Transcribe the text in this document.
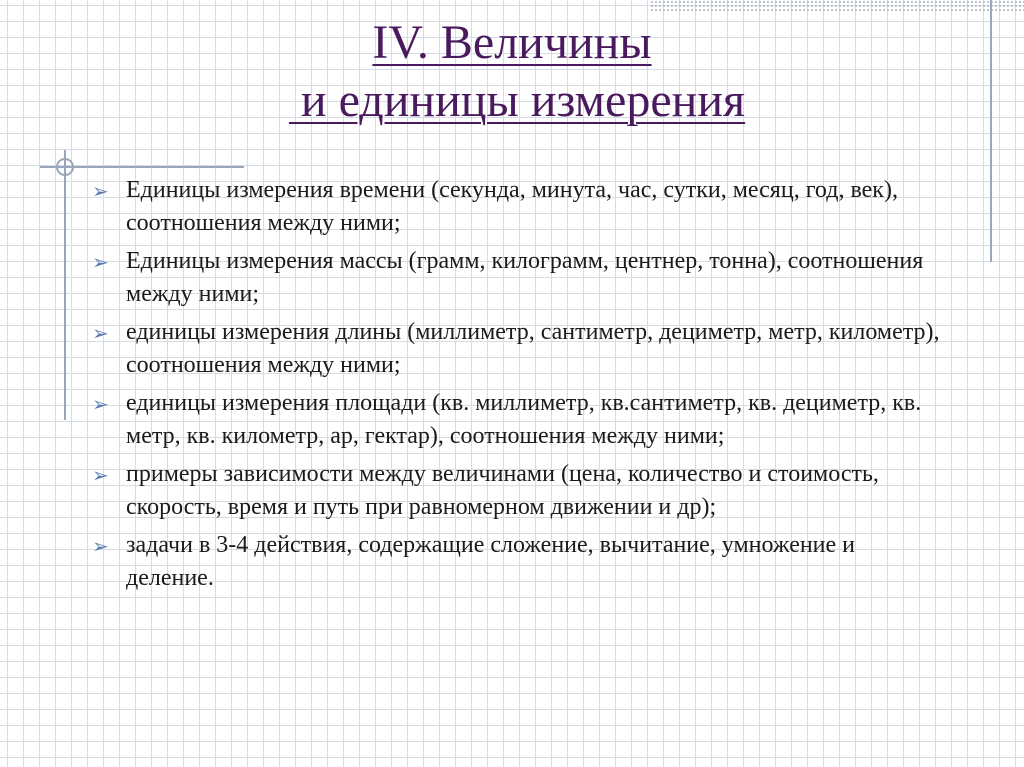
IV. Величины
и единицы измерения
➢ Единицы измерения времени (секунда, минута, час, сутки, месяц, год, век), соотношения между ними;
➢ Единицы измерения массы (грамм, килограмм, центнер, тонна), соотношения между ними;
➢ единицы измерения длины (миллиметр, сантиметр, дециметр, метр, километр), соотношения между ними;
➢ единицы измерения площади (кв. миллиметр, кв.сантиметр, кв. дециметр, кв. метр, кв. километр, ар, гектар), соотношения между ними;
➢ примеры зависимости между величинами (цена, количество и стоимость, скорость, время и путь при равномерном движении и др);
➢ задачи в 3-4 действия, содержащие сложение, вычитание, умножение и деление.
